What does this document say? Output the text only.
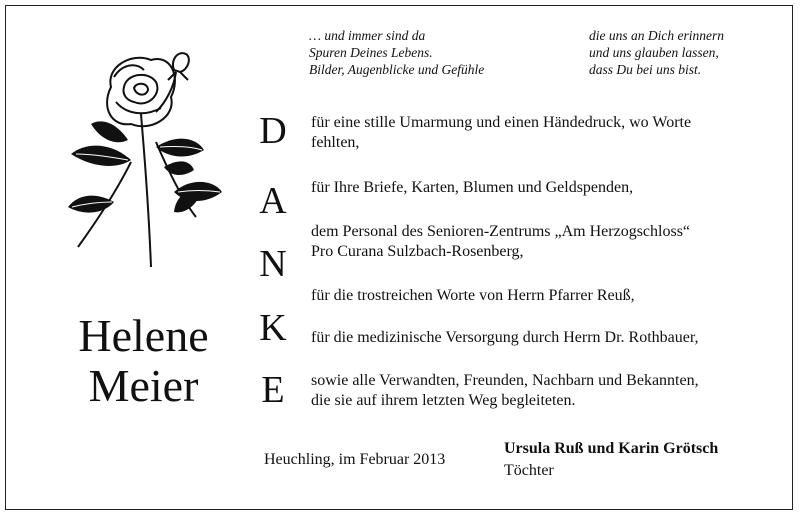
… und immer sind da
Spuren Deines Lebens.
Bilder, Augenblicke und Gefühle
die uns an Dich erinnern
und uns glauben lassen,
dass Du bei uns bist.
Helene
Meier
D
A
N
K
E
für eine stille Umarmung und einen Händedruck, wo Worte
fehlten,
für Ihre Briefe, Karten, Blumen und Geldspenden,
dem Personal des Senioren-Zentrums „Am Herzogschloss“
Pro Curana Sulzbach-Rosenberg,
für die trostreichen Worte von Herrn Pfarrer Reuß,
für die medizinische Versorgung durch Herrn Dr. Rothbauer,
sowie alle Verwandten, Freunden, Nachbarn und Bekannten,
die sie auf ihrem letzten Weg begleiteten.
Heuchling, im Februar 2013
Ursula Ruß und Karin Grötsch
Töchter
